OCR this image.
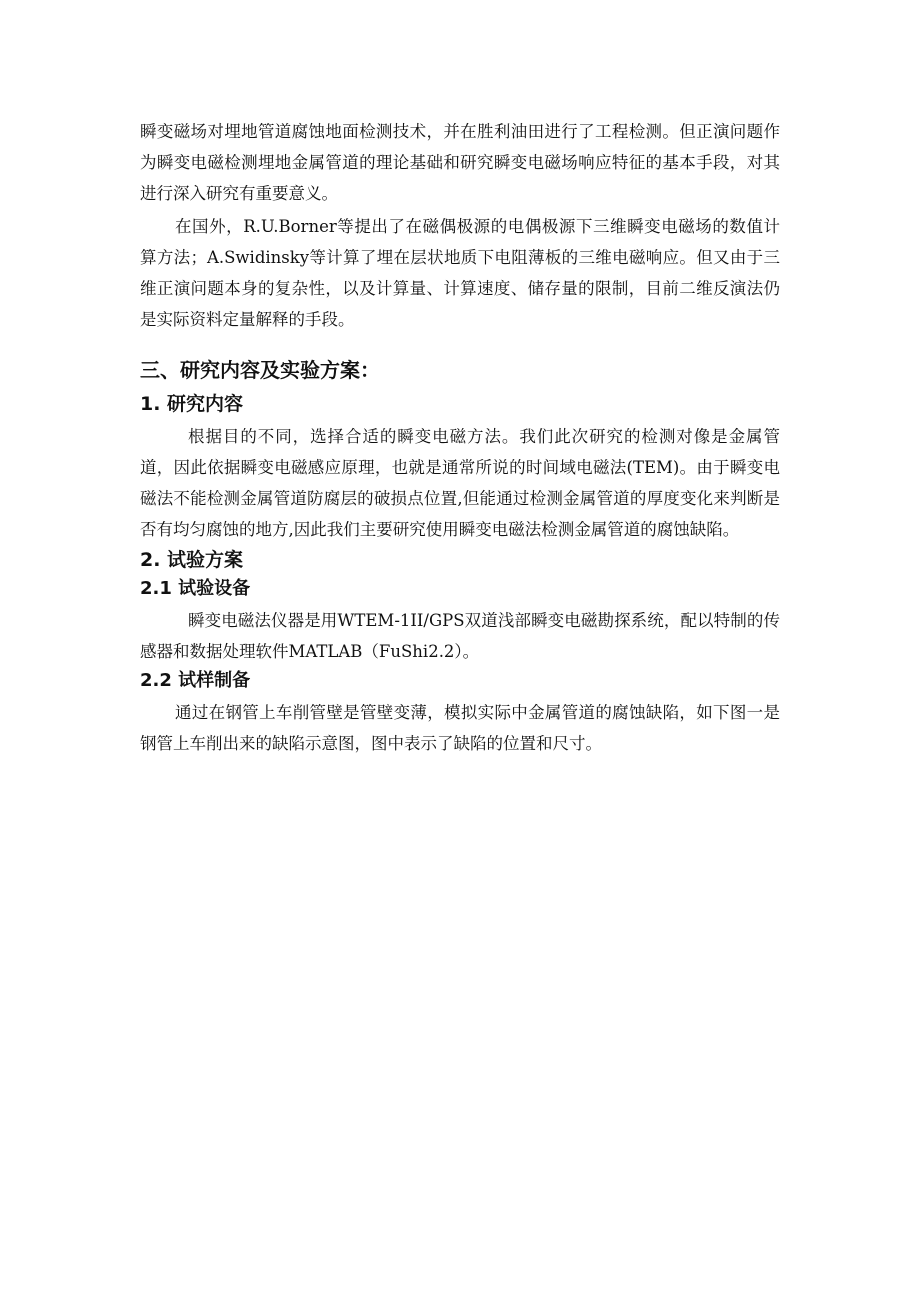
瞬变磁场对埋地管道腐蚀地面检测技术，并在胜利油田进行了工程检测。但正演问题作为瞬变电磁检测埋地金属管道的理论基础和研究瞬变电磁场响应特征的基本手段，对其进行深入研究有重要意义。

在国外，R.U.Borner等提出了在磁偶极源的电偶极源下三维瞬变电磁场的数值计算方法；A.Swidinsky等计算了埋在层状地质下电阻薄板的三维电磁响应。但又由于三维正演问题本身的复杂性，以及计算量、计算速度、储存量的限制，目前二维反演法仍是实际资料定量解释的手段。

三、研究内容及实验方案：
1. 研究内容

根据目的不同，选择合适的瞬变电磁方法。我们此次研究的检测对像是金属管道，因此依据瞬变电磁感应原理，也就是通常所说的时间域电磁法(TEM)。由于瞬变电磁法不能检测金属管道防腐层的破损点位置,但能通过检测金属管道的厚度变化来判断是否有均匀腐蚀的地方,因此我们主要研究使用瞬变电磁法检测金属管道的腐蚀缺陷。

2. 试验方案
2.1 试验设备

瞬变电磁法仪器是用WTEM-1II/GPS双道浅部瞬变电磁勘探系统，配以特制的传感器和数据处理软件MATLAB（FuShi2.2）。

2.2 试样制备

通过在钢管上车削管壁是管壁变薄，模拟实际中金属管道的腐蚀缺陷，如下图一是钢管上车削出来的缺陷示意图，图中表示了缺陷的位置和尺寸。
